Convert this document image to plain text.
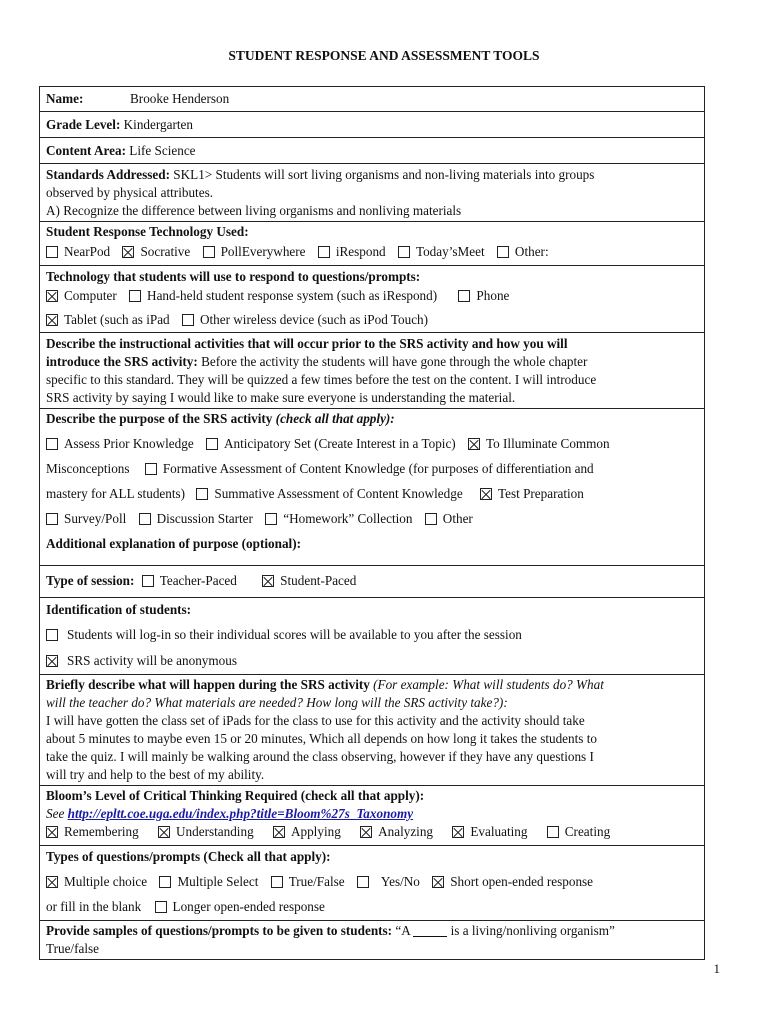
STUDENT RESPONSE AND ASSESSMENT TOOLS
Name:	Brooke Henderson
Grade Level: Kindergarten
Content Area: Life Science

Standards Addressed: SKL1> Students will sort living organisms and non-living materials into groups
observed by physical attributes.
A) Recognize the difference between living organisms and nonliving materials

Student Response Technology Used:
NearPod Socrative PollEverywhere iRespond Today’sMeet Other:

Technology that students will use to respond to questions/prompts:
Computer Hand-held student response system (such as iRespond)	Phone
Tablet (such as iPad Other wireless device (such as iPod Touch)

Describe the instructional activities that will occur prior to the SRS activity and how you will
introduce the SRS activity: Before the activity the students will have gone through the whole chapter
specific to this standard. They will be quizzed a few times before the test on the content. I will introduce
SRS activity by saying I would like to make sure everyone is understanding the material.

Describe the purpose of the SRS activity (check all that apply):
Assess Prior Knowledge Anticipatory Set (Create Interest in a Topic) To Illuminate Common
Misconceptions	Formative Assessment of Content Knowledge (for purposes of differentiation and
mastery for ALL students) Summative Assessment of Content Knowledge	Test Preparation
Survey/Poll Discussion Starter “Homework” Collection Other
Additional explanation of purpose (optional):

Type of session: Teacher-Paced	Student-Paced

Identification of students:
Students will log-in so their individual scores will be available to you after the session
SRS activity will be anonymous

Briefly describe what will happen during the SRS activity (For example: What will students do? What
will the teacher do? What materials are needed? How long will the SRS activity take?):
I will have gotten the class set of iPads for the class to use for this activity and the activity should take
about 5 minutes to maybe even 15 or 20 minutes, Which all depends on how long it takes the students to
take the quiz. I will mainly be walking around the class observing, however if they have any questions I
will try and help to the best of my ability.

Bloom’s Level of Critical Thinking Required (check all that apply):
See http://epltt.coe.uga.edu/index.php?title=Bloom%27s_Taxonomy
Remembering	Understanding	Applying	Analyzing	Evaluating	Creating

Types of questions/prompts (Check all that apply):
Multiple choice Multiple Select True/False	Yes/No Short open-ended response
or fill in the blank Longer open-ended response

Provide samples of questions/prompts to be given to students: “A	is a living/nonliving organism”
True/false
1
